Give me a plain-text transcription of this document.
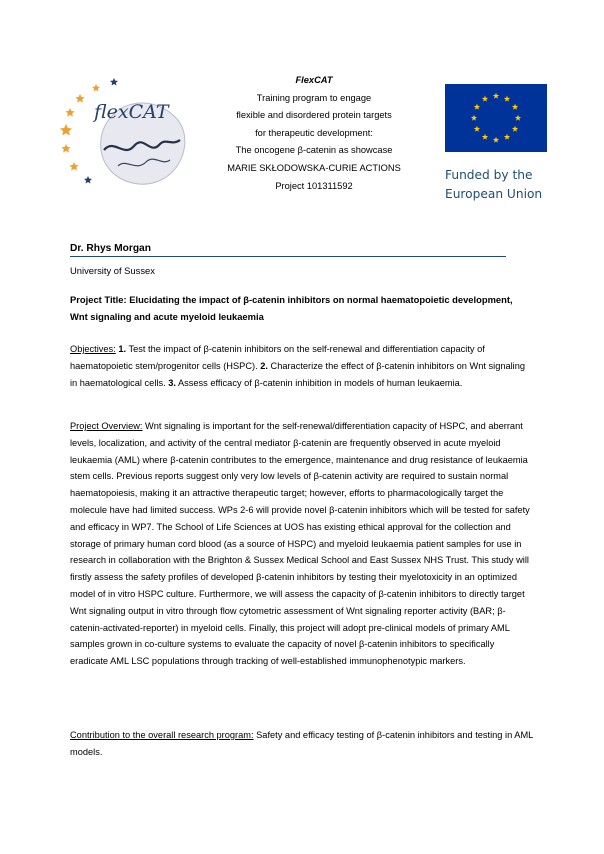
flexCAT
FlexCAT
Training program to engage
flexible and disordered protein targets
for therapeutic development:
The oncogene β-catenin as showcase
MARIE SKŁODOWSKA-CURIE ACTIONS
Project 101311592
Funded by the
European Union
Dr. Rhys Morgan
University of Sussex
Project Title: Elucidating the impact of β-catenin inhibitors on normal haematopoietic development, Wnt signaling and acute myeloid leukaemia
Objectives: 1. Test the impact of β-catenin inhibitors on the self-renewal and differentiation capacity of haematopoietic stem/progenitor cells (HSPC). 2. Characterize the effect of β-catenin inhibitors on Wnt signaling in haematological cells. 3. Assess efficacy of β-catenin inhibition in models of human leukaemia.
Project Overview: Wnt signaling is important for the self-renewal/differentiation capacity of HSPC, and aberrant levels, localization, and activity of the central mediator β-catenin are frequently observed in acute myeloid leukaemia (AML) where β-catenin contributes to the emergence, maintenance and drug resistance of leukaemia stem cells. Previous reports suggest only very low levels of β-catenin activity are required to sustain normal haematopoiesis, making it an attractive therapeutic target; however, efforts to pharmacologically target the molecule have had limited success. WPs 2-6 will provide novel β-catenin inhibitors which will be tested for safety and efficacy in WP7. The School of Life Sciences at UOS has existing ethical approval for the collection and storage of primary human cord blood (as a source of HSPC) and myeloid leukaemia patient samples for use in research in collaboration with the Brighton & Sussex Medical School and East Sussex NHS Trust. This study will firstly assess the safety profiles of developed β-catenin inhibitors by testing their myelotoxicity in an optimized model of in vitro HSPC culture. Furthermore, we will assess the capacity of β-catenin inhibitors to directly target Wnt signaling output in vitro through flow cytometric assessment of Wnt signaling reporter activity (BAR; β-catenin-activated-reporter) in myeloid cells. Finally, this project will adopt pre-clinical models of primary AML samples grown in co-culture systems to evaluate the capacity of novel β-catenin inhibitors to specifically eradicate AML LSC populations through tracking of well-established immunophenotypic markers.
Contribution to the overall research program: Safety and efficacy testing of β-catenin inhibitors and testing in AML models.
